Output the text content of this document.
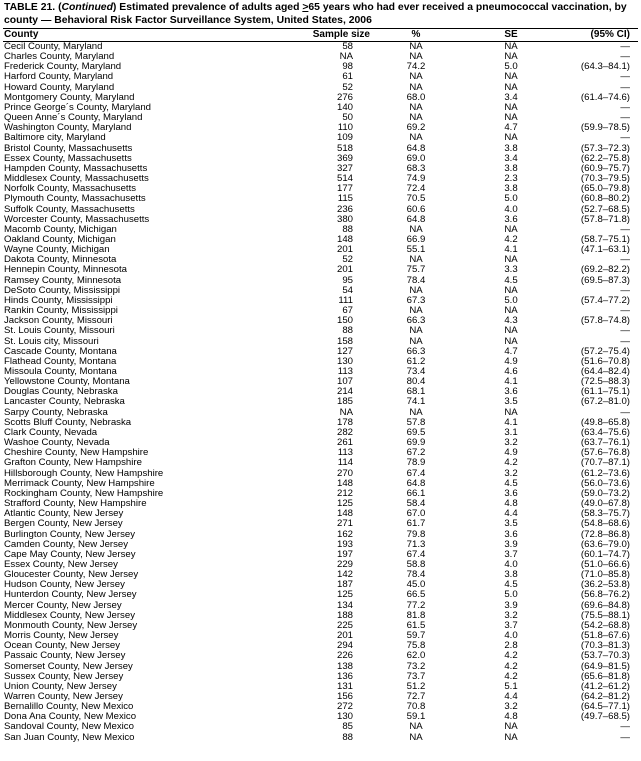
TABLE 21. (Continued) Estimated prevalence of adults aged >65 years who had ever received a pneumococcal vaccination, by county — Behavioral Risk Factor Surveillance System, United States, 2006
County	Sample size	%	SE	(95% CI)
Cecil County, Maryland	58	NA	NA	—
Charles County, Maryland	NA	NA	NA	—
Frederick County, Maryland	98	74.2	5.0	(64.3–84.1)
Harford County, Maryland	61	NA	NA	—
Howard County, Maryland	52	NA	NA	—
Montgomery County, Maryland	276	68.0	3.4	(61.4–74.6)
Prince George´s County, Maryland	140	NA	NA	—
Queen Anne´s County, Maryland	50	NA	NA	—
Washington County, Maryland	110	69.2	4.7	(59.9–78.5)
Baltimore city, Maryland	109	NA	NA	—
Bristol County, Massachusetts	518	64.8	3.8	(57.3–72.3)
Essex County, Massachusetts	369	69.0	3.4	(62.2–75.8)
Hampden County, Massachusetts	327	68.3	3.8	(60.9–75.7)
Middlesex County, Massachusetts	514	74.9	2.3	(70.3–79.5)
Norfolk County, Massachusetts	177	72.4	3.8	(65.0–79.8)
Plymouth County, Massachusetts	115	70.5	5.0	(60.8–80.2)
Suffolk County, Massachusetts	236	60.6	4.0	(52.7–68.5)
Worcester County, Massachusetts	380	64.8	3.6	(57.8–71.8)
Macomb County, Michigan	88	NA	NA	—
Oakland County, Michigan	148	66.9	4.2	(58.7–75.1)
Wayne County, Michigan	201	55.1	4.1	(47.1–63.1)
Dakota County, Minnesota	52	NA	NA	—
Hennepin County, Minnesota	201	75.7	3.3	(69.2–82.2)
Ramsey County, Minnesota	95	78.4	4.5	(69.5–87.3)
DeSoto County, Mississippi	54	NA	NA	—
Hinds County, Mississippi	111	67.3	5.0	(57.4–77.2)
Rankin County, Mississippi	67	NA	NA	—
Jackson County, Missouri	150	66.3	4.3	(57.8–74.8)
St. Louis County, Missouri	88	NA	NA	—
St. Louis city, Missouri	158	NA	NA	—
Cascade County, Montana	127	66.3	4.7	(57.2–75.4)
Flathead County, Montana	130	61.2	4.9	(51.6–70.8)
Missoula County, Montana	113	73.4	4.6	(64.4–82.4)
Yellowstone County, Montana	107	80.4	4.1	(72.5–88.3)
Douglas County, Nebraska	214	68.1	3.6	(61.1–75.1)
Lancaster County, Nebraska	185	74.1	3.5	(67.2–81.0)
Sarpy County, Nebraska	NA	NA	NA	—
Scotts Bluff County, Nebraska	178	57.8	4.1	(49.8–65.8)
Clark County, Nevada	282	69.5	3.1	(63.4–75.6)
Washoe County, Nevada	261	69.9	3.2	(63.7–76.1)
Cheshire County, New Hampshire	113	67.2	4.9	(57.6–76.8)
Grafton County, New Hampshire	114	78.9	4.2	(70.7–87.1)
Hillsborough County, New Hampshire	270	67.4	3.2	(61.2–73.6)
Merrimack County, New Hampshire	148	64.8	4.5	(56.0–73.6)
Rockingham County, New Hampshire	212	66.1	3.6	(59.0–73.2)
Strafford County, New Hampshire	125	58.4	4.8	(49.0–67.8)
Atlantic County, New Jersey	148	67.0	4.4	(58.3–75.7)
Bergen County, New Jersey	271	61.7	3.5	(54.8–68.6)
Burlington County, New Jersey	162	79.8	3.6	(72.8–86.8)
Camden County, New Jersey	193	71.3	3.9	(63.6–79.0)
Cape May County, New Jersey	197	67.4	3.7	(60.1–74.7)
Essex County, New Jersey	229	58.8	4.0	(51.0–66.6)
Gloucester County, New Jersey	142	78.4	3.8	(71.0–85.8)
Hudson County, New Jersey	187	45.0	4.5	(36.2–53.8)
Hunterdon County, New Jersey	125	66.5	5.0	(56.8–76.2)
Mercer County, New Jersey	134	77.2	3.9	(69.6–84.8)
Middlesex County, New Jersey	188	81.8	3.2	(75.5–88.1)
Monmouth County, New Jersey	225	61.5	3.7	(54.2–68.8)
Morris County, New Jersey	201	59.7	4.0	(51.8–67.6)
Ocean County, New Jersey	294	75.8	2.8	(70.3–81.3)
Passaic County, New Jersey	226	62.0	4.2	(53.7–70.3)
Somerset County, New Jersey	138	73.2	4.2	(64.9–81.5)
Sussex County, New Jersey	136	73.7	4.2	(65.6–81.8)
Union County, New Jersey	131	51.2	5.1	(41.2–61.2)
Warren County, New Jersey	156	72.7	4.4	(64.2–81.2)
Bernalillo County, New Mexico	272	70.8	3.2	(64.5–77.1)
Dona Ana County, New Mexico	130	59.1	4.8	(49.7–68.5)
Sandoval County, New Mexico	85	NA	NA	—
San Juan County, New Mexico	88	NA	NA	—
